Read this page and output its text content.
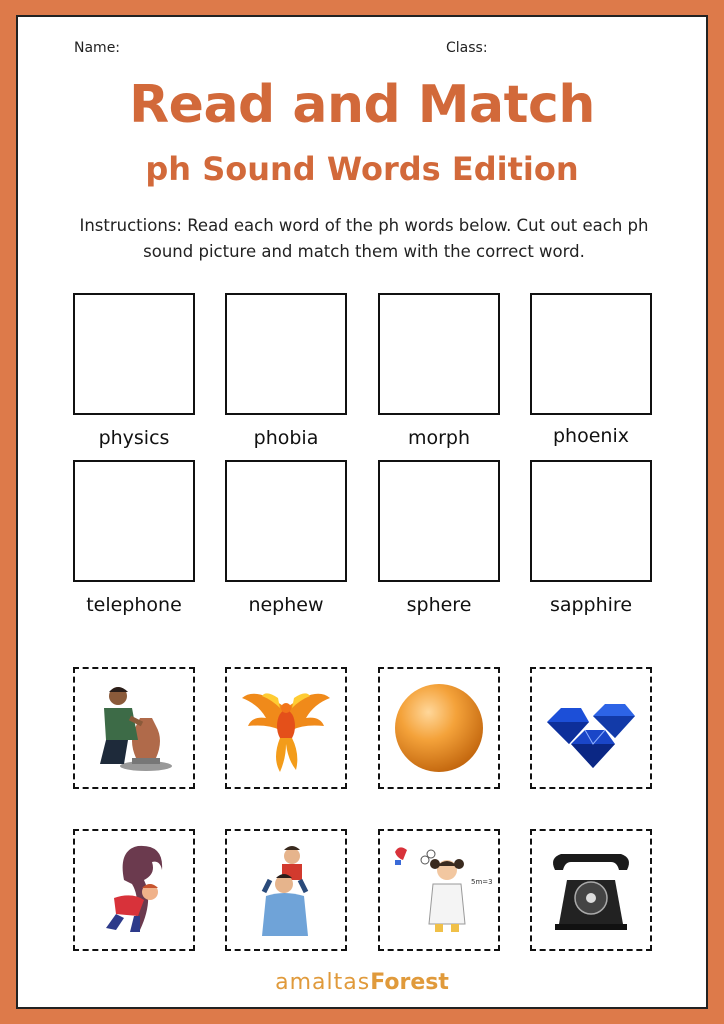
Name:	Class:
Read and Match
ph Sound Words Edition
Instructions: Read each word of the ph words below. Cut out each ph sound picture and match them with the correct word.
physics	phobia	morph	phoenix
telephone	nephew	sphere	sapphire
5m=3
amaltasForest
